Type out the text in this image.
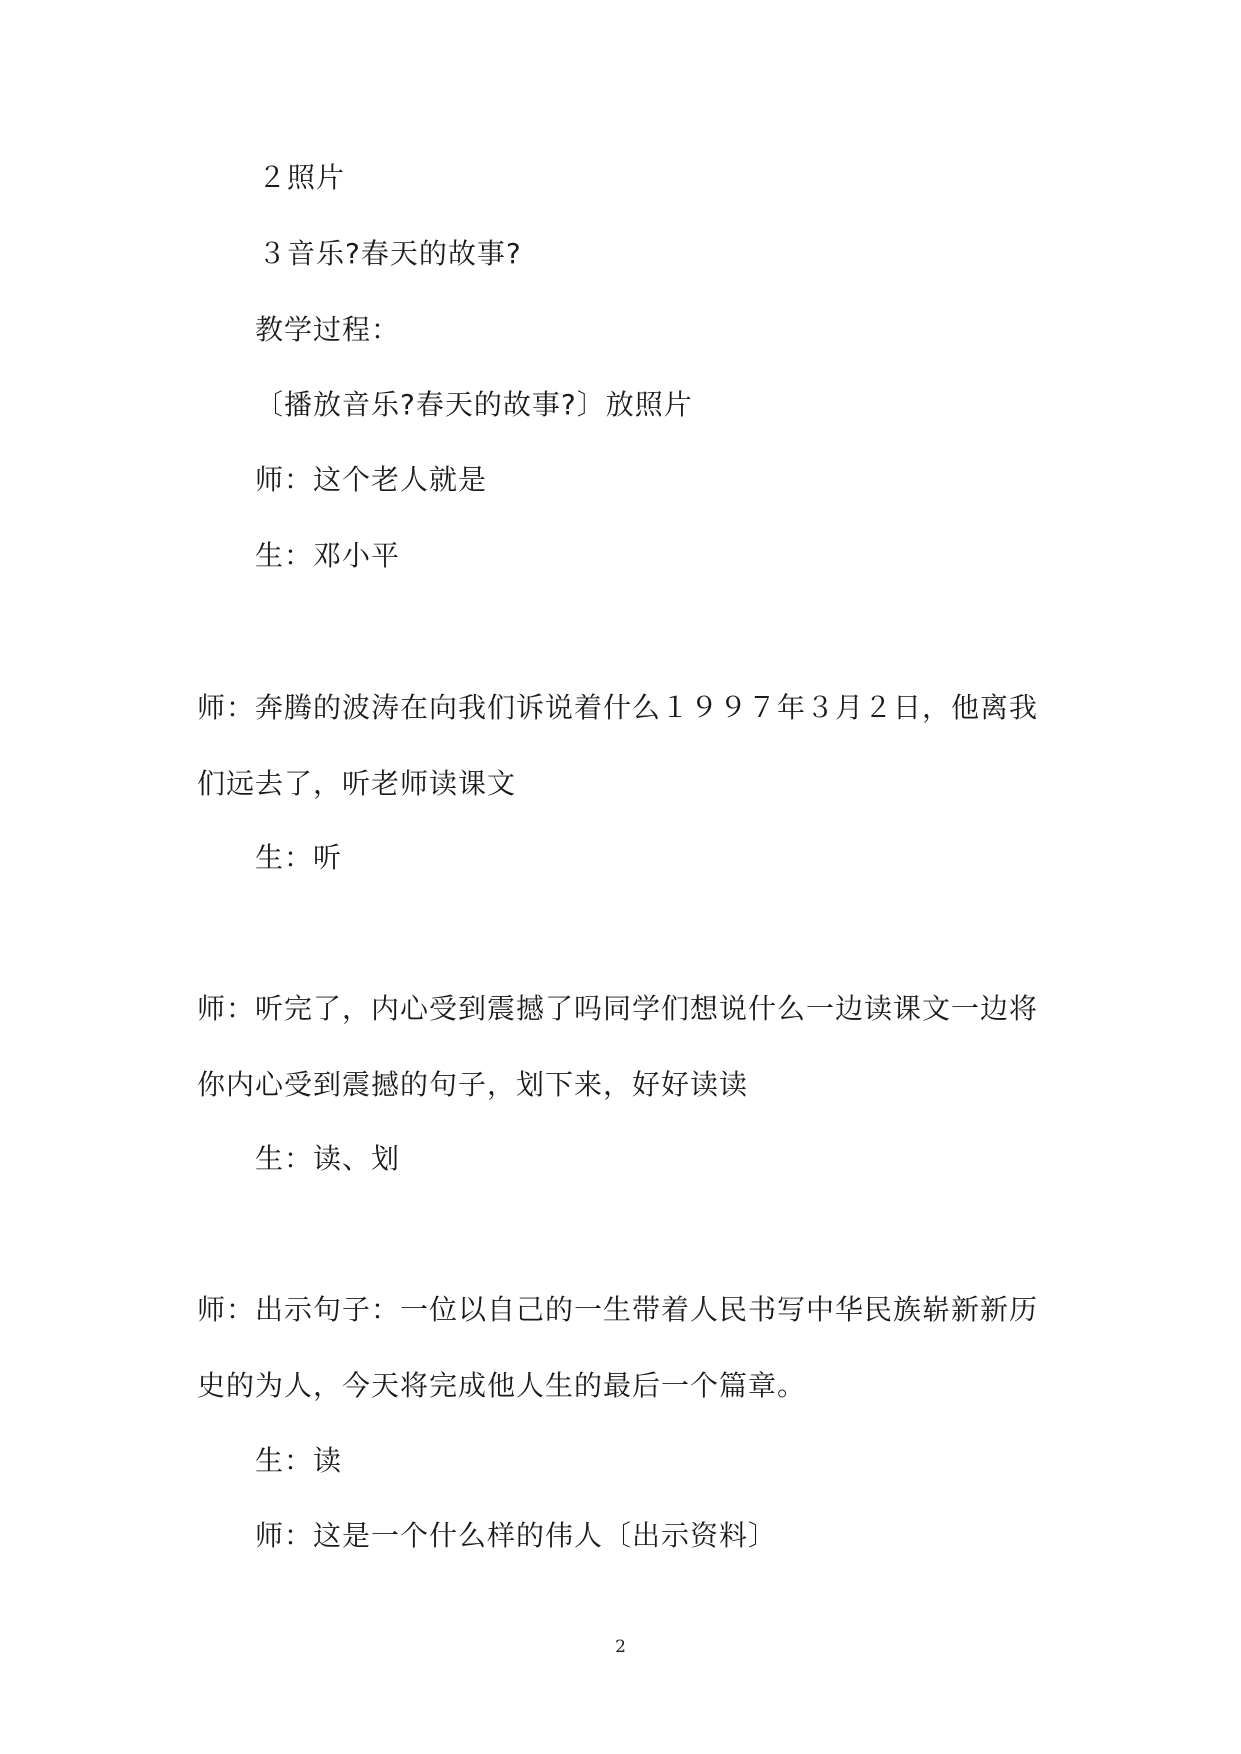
２照片
３音乐?春天的故事?
教学过程：
〔播放音乐?春天的故事?〕放照片
师：这个老人就是
生：邓小平
师：奔腾的波涛在向我们诉说着什么１９９７年３月２日，他离我
们远去了，听老师读课文
生：听
师：听完了，内心受到震撼了吗同学们想说什么一边读课文一边将
你内心受到震撼的句子，划下来，好好读读
生：读、划
师：出示句子：一位以自己的一生带着人民书写中华民族崭新新历
史的为人，今天将完成他人生的最后一个篇章。
生：读
师：这是一个什么样的伟人〔出示资料〕
2
